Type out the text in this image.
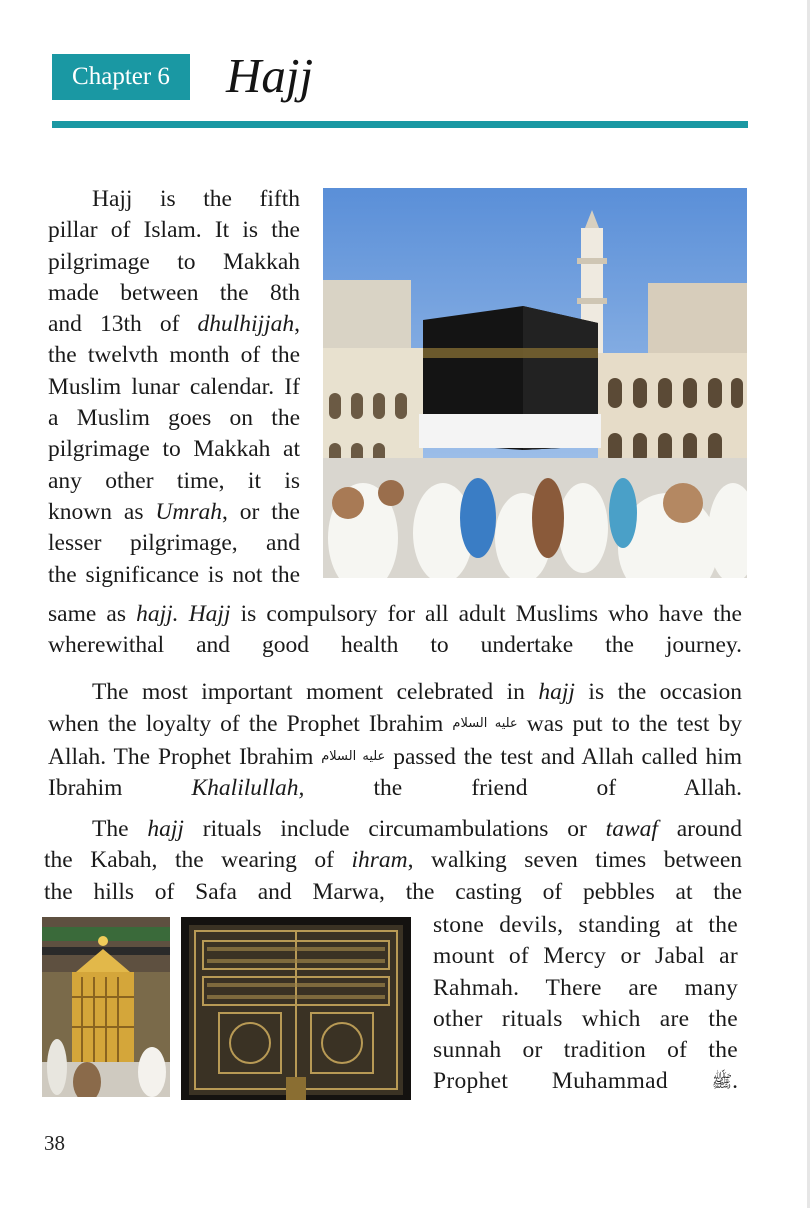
Chapter 6 Hajj
Hajj is the fifth
pillar of Islam. It is the
pilgrimage to Makkah
made between the 8th
and 13th of dhulhijjah,
the twelvth month of the
Muslim lunar calendar. If
a Muslim goes on the
pilgrimage to Makkah at
any other time, it is
known as Umrah, or the
lesser pilgrimage, and
the significance is not the
same as hajj. Hajj is compulsory for all adult Muslims who have the
wherewithal and good health to undertake the journey.
The most important moment celebrated in hajj is the occasion
when the loyalty of the Prophet Ibrahim عليه السلام was put to the test by
Allah. The Prophet Ibrahim عليه السلام passed the test and Allah called him
Ibrahim Khalilullah, the friend of Allah.
The hajj rituals include circumambulations or tawaf around
the Kabah, the wearing of ihram, walking seven times between
the hills of Safa and Marwa, the casting of pebbles at the
stone devils, standing at the
mount of Mercy or Jabal ar
Rahmah. There are many
other rituals which are the
sunnah or tradition of the
Prophet Muhammad ﷺ.
38
